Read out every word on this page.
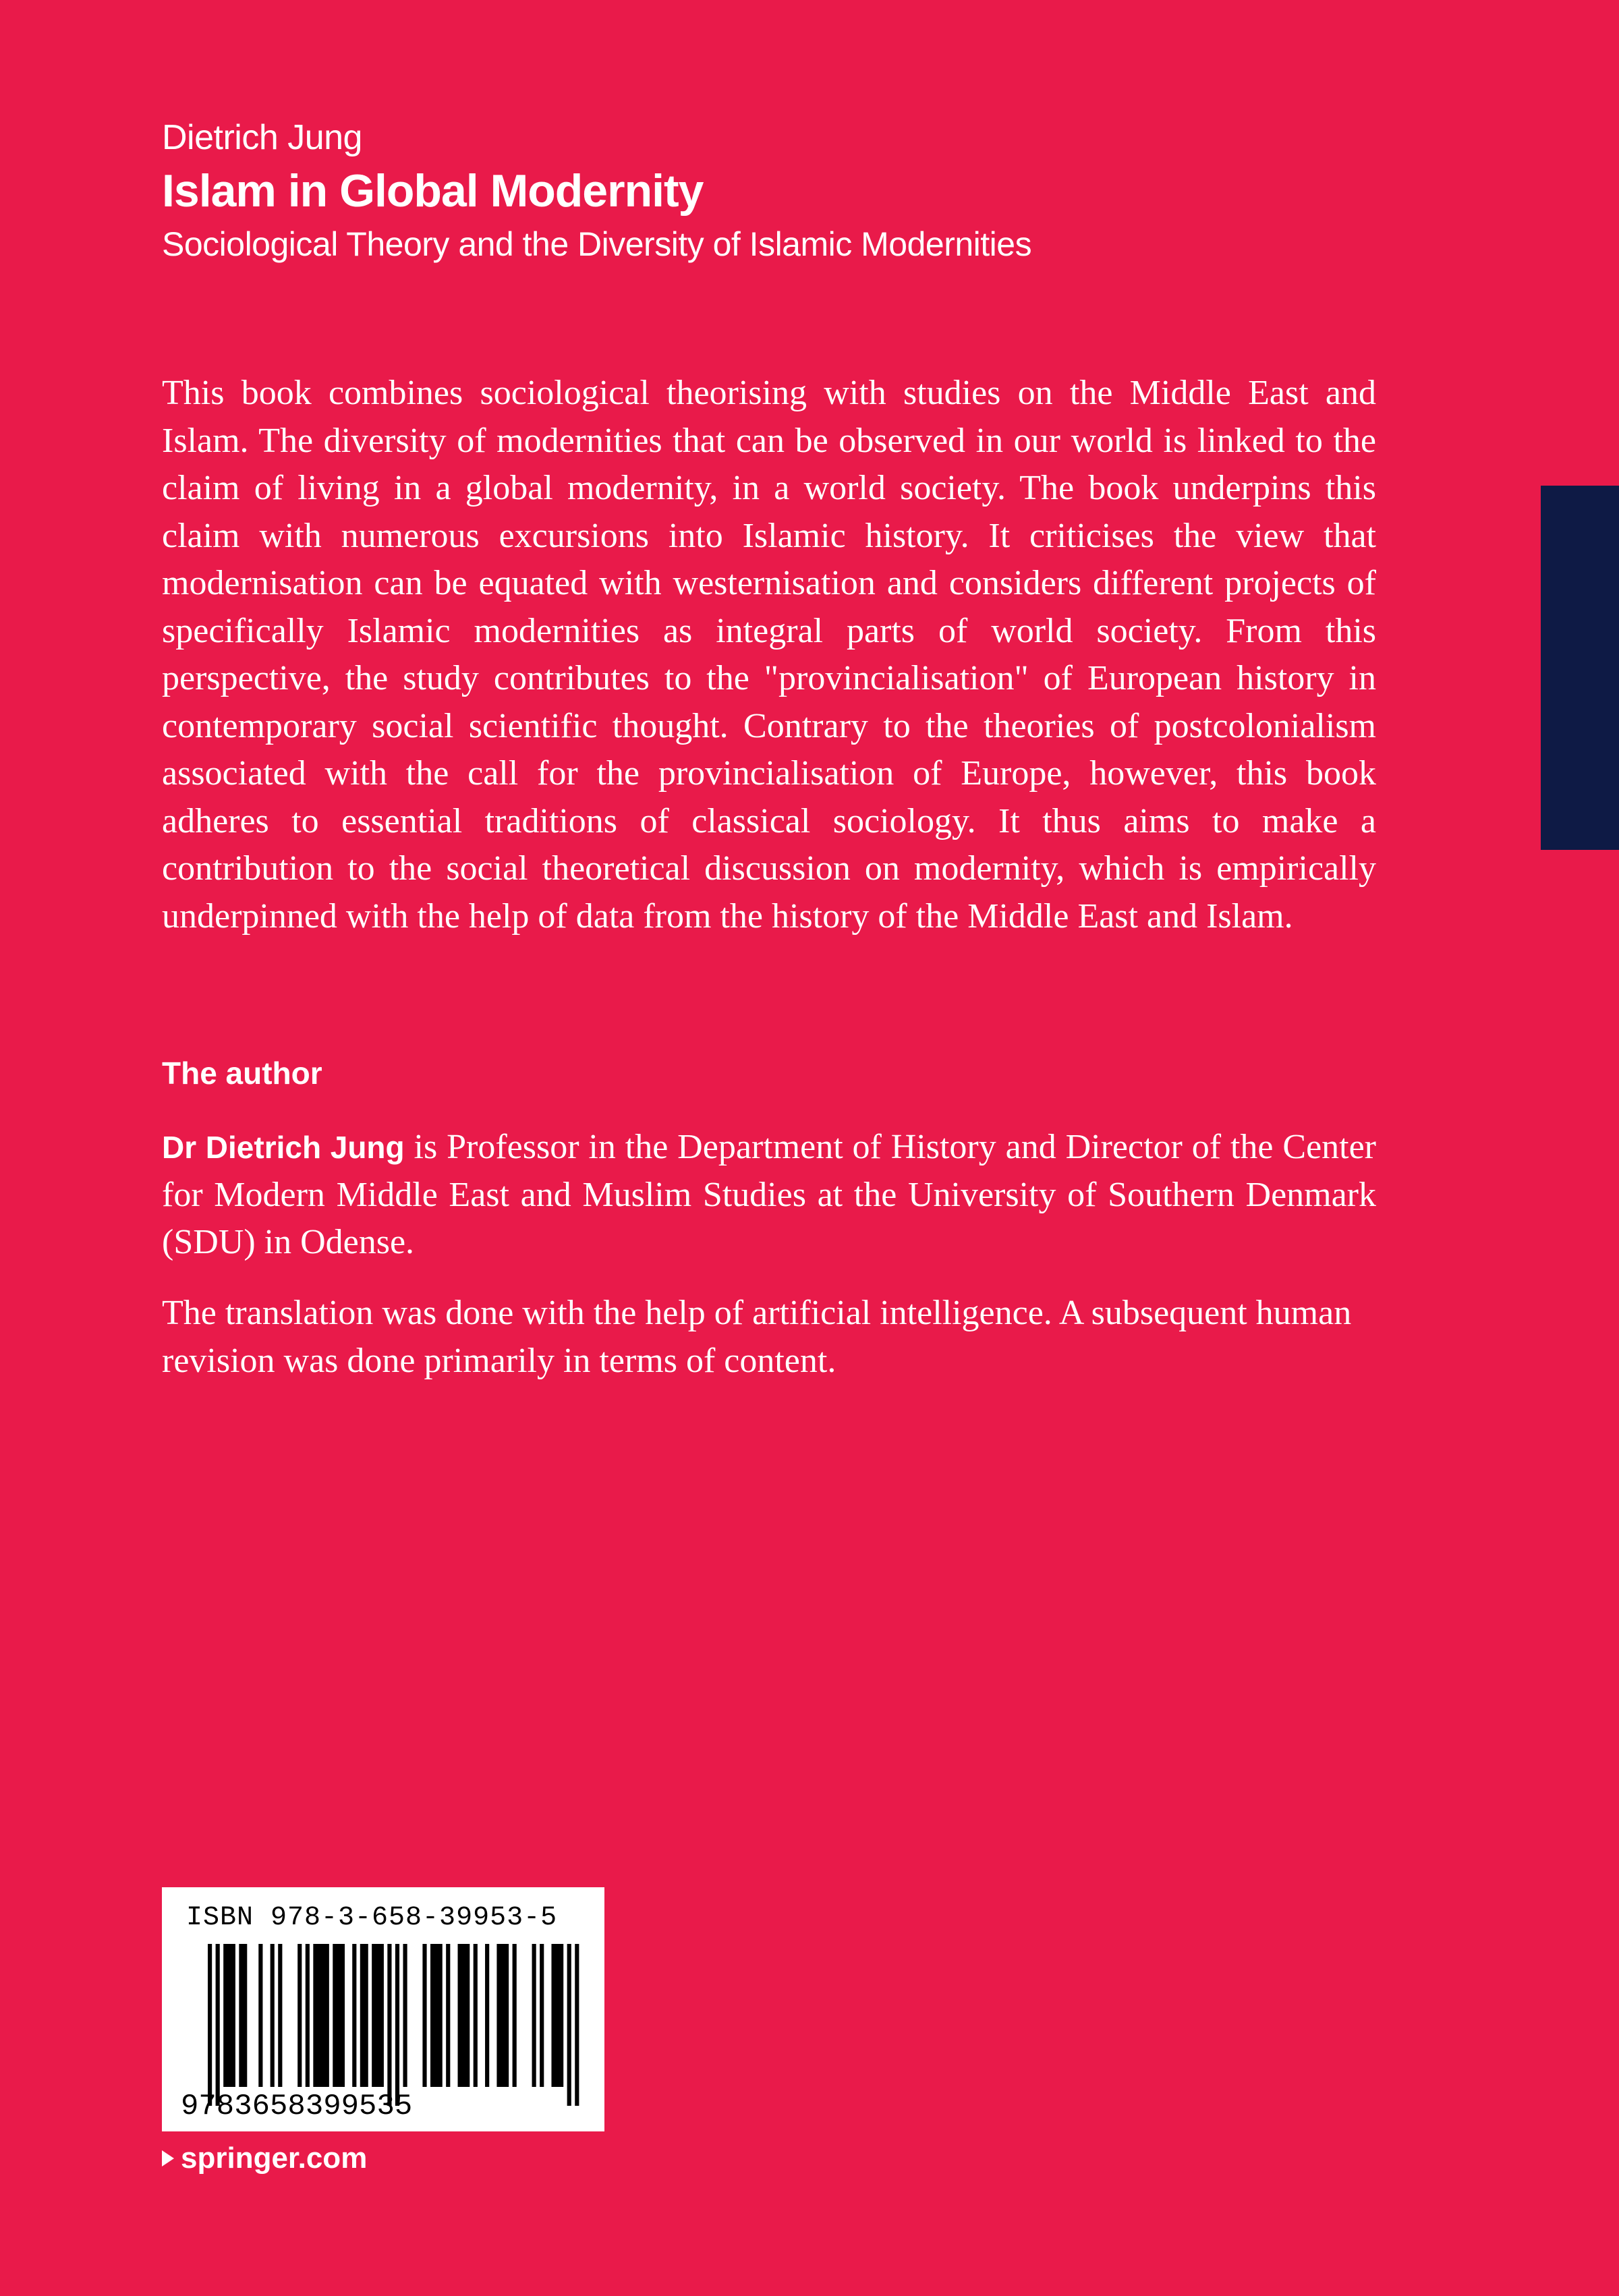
Dietrich Jung

Islam in Global Modernity

Sociological Theory and the Diversity of Islamic Modernities

This book combines sociological theorising with studies on the Middle East and Islam. The diversity of modernities that can be observed in our world is linked to the claim of living in a global modernity, in a world society. The book underpins this claim with numerous excursions into Islamic history. It criticises the view that modernisation can be equated with westernisation and considers different projects of specifically Islamic modernities as integral parts of world society. From this perspective, the study contributes to the "provincialisation" of European history in contemporary social scientific thought. Contrary to the theories of postcolonialism associated with the call for the provincialisation of Europe, however, this book adheres to essential traditions of classical sociology. It thus aims to make a contribution to the social theoretical discussion on modernity, which is empirically underpinned with the help of data from the history of the Middle East and Islam.

The author

Dr Dietrich Jung is Professor in the Department of History and Director of the Center for Modern Middle East and Muslim Studies at the University of Southern Denmark (SDU) in Odense.

The translation was done with the help of artificial intelligence. A subsequent human revision was done primarily in terms of content.

ISBN 978-3-658-39953-5
9783658399535
springer.com
